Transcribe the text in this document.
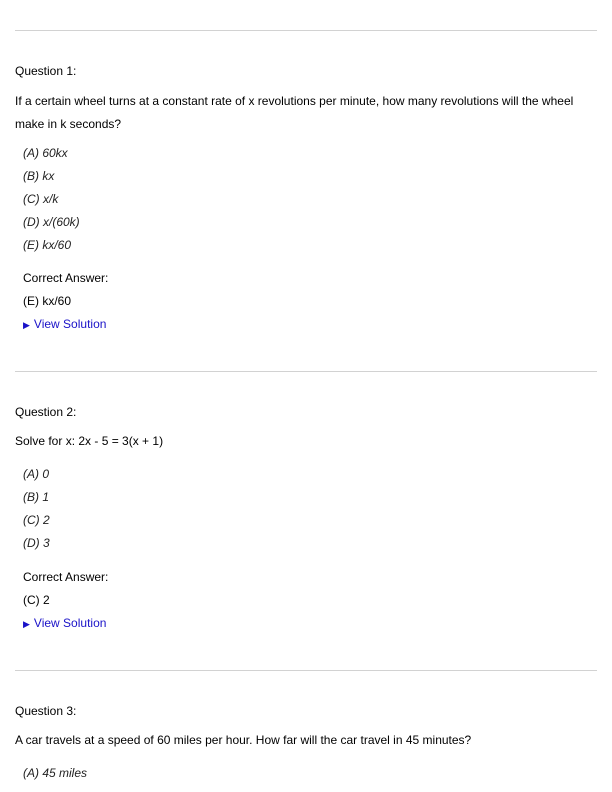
Question 1:
If a certain wheel turns at a constant rate of x revolutions per minute, how many revolutions will the wheel make in k seconds?
(A) 60kx
(B) kx
(C) x/k
(D) x/(60k)
(E) kx/60
Correct Answer:
(E) kx/60
▶ View Solution
Question 2:
Solve for x: 2x - 5 = 3(x + 1)
(A) 0
(B) 1
(C) 2
(D) 3
Correct Answer:
(C) 2
▶ View Solution
Question 3:
A car travels at a speed of 60 miles per hour. How far will the car travel in 45 minutes?
(A) 45 miles
